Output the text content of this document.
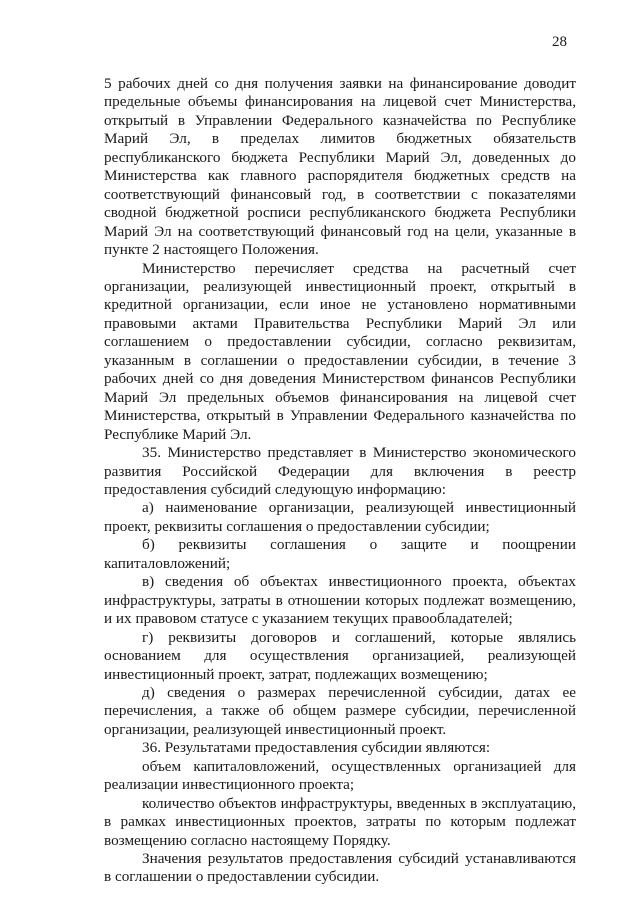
28

5 рабочих дней со дня получения заявки на финансирование доводит предельные объемы финансирования на лицевой счет Министерства, открытый в Управлении Федерального казначейства по Республике Марий Эл, в пределах лимитов бюджетных обязательств республиканского бюджета Республики Марий Эл, доведенных до Министерства как главного распорядителя бюджетных средств на соответствующий финансовый год, в соответствии с показателями сводной бюджетной росписи республиканского бюджета Республики Марий Эл на соответствующий финансовый год на цели, указанные в пункте 2 настоящего Положения.

Министерство перечисляет средства на расчетный счет организации, реализующей инвестиционный проект, открытый в кредитной организации, если иное не установлено нормативными правовыми актами Правительства Республики Марий Эл или соглашением о предоставлении субсидии, согласно реквизитам, указанным в соглашении о предоставлении субсидии, в течение 3 рабочих дней со дня доведения Министерством финансов Республики Марий Эл предельных объемов финансирования на лицевой счет Министерства, открытый в Управлении Федерального казначейства по Республике Марий Эл.

35. Министерство представляет в Министерство экономического развития Российской Федерации для включения в реестр предоставления субсидий следующую информацию:

а) наименование организации, реализующей инвестиционный проект, реквизиты соглашения о предоставлении субсидии;

б) реквизиты соглашения о защите и поощрении капиталовложений;

в) сведения об объектах инвестиционного проекта, объектах инфраструктуры, затраты в отношении которых подлежат возмещению, и их правовом статусе с указанием текущих правообладателей;

г) реквизиты договоров и соглашений, которые являлись основанием для осуществления организацией, реализующей инвестиционный проект, затрат, подлежащих возмещению;

д) сведения о размерах перечисленной субсидии, датах ее перечисления, а также об общем размере субсидии, перечисленной организации, реализующей инвестиционный проект.

36. Результатами предоставления субсидии являются:

объем капиталовложений, осуществленных организацией для реализации инвестиционного проекта;

количество объектов инфраструктуры, введенных в эксплуатацию, в рамках инвестиционных проектов, затраты по которым подлежат возмещению согласно настоящему Порядку.

Значения результатов предоставления субсидий устанавливаются в соглашении о предоставлении субсидии.
